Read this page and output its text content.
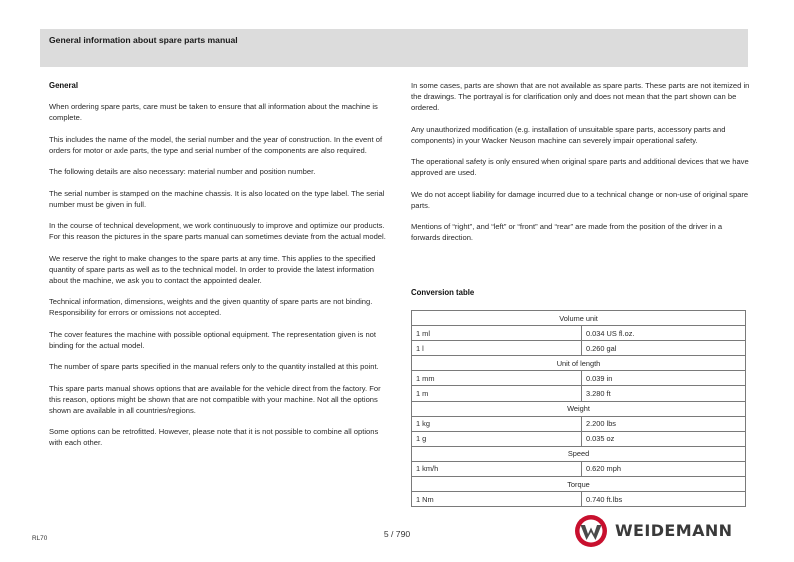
General information about spare parts manual
General

When ordering spare parts, care must be taken to ensure that all information about the machine is complete.

This includes the name of the model, the serial number and the year of construction. In the event of orders for motor or axle parts, the type and serial number of the components are also required.

The following details are also necessary: material number and position number.

The serial number is stamped on the machine chassis. It is also located on the type label. The serial number must be given in full.

In the course of technical development, we work continuously to improve and optimize our products. For this reason the pictures in the spare parts manual can sometimes deviate from the actual model.

We reserve the right to make changes to the spare parts at any time. This applies to the specified quantity of spare parts as well as to the technical model. In order to provide the latest information about the machine, we ask you to contact the appointed dealer.

Technical information, dimensions, weights and the given quantity of spare parts are not binding. Responsibility for errors or omissions not accepted.

The cover features the machine with possible optional equipment. The representation given is not binding for the actual model.

The number of spare parts specified in the manual refers only to the quantity installed at this point.

This spare parts manual shows options that are available for the vehicle direct from the factory. For this reason, options might be shown that are not compatible with your machine. Not all the options shown are available in all countries/regions.

Some options can be retrofitted. However, please note that it is not possible to combine all options with each other.

In some cases, parts are shown that are not available as spare parts. These parts are not itemized in the drawings. The portrayal is for clarification only and does not mean that the part shown can be ordered.

Any unauthorized modification (e.g. installation of unsuitable spare parts, accessory parts and components) in your Wacker Neuson machine can severely impair operational safety.

The operational safety is only ensured when original spare parts and additional devices that we have approved are used.

We do not accept liability for damage incurred due to a technical change or non-use of original spare parts.

Mentions of “right”, and “left” or “front” and “rear” are made from the position of the driver in a forwards direction.

Conversion table
Volume unit	
1 ml	0.034 US fl.oz.
1 l	0.260 gal
Unit of length	
1 mm	0.039 in
1 m	3.280 ft
Weight	
1 kg	2.200 lbs
1 g	0.035 oz
Speed	
1 km/h	0.620 mph
Torque	
1 Nm	0.740 ft.lbs
RL70	5 / 790	WEIDEMANN
